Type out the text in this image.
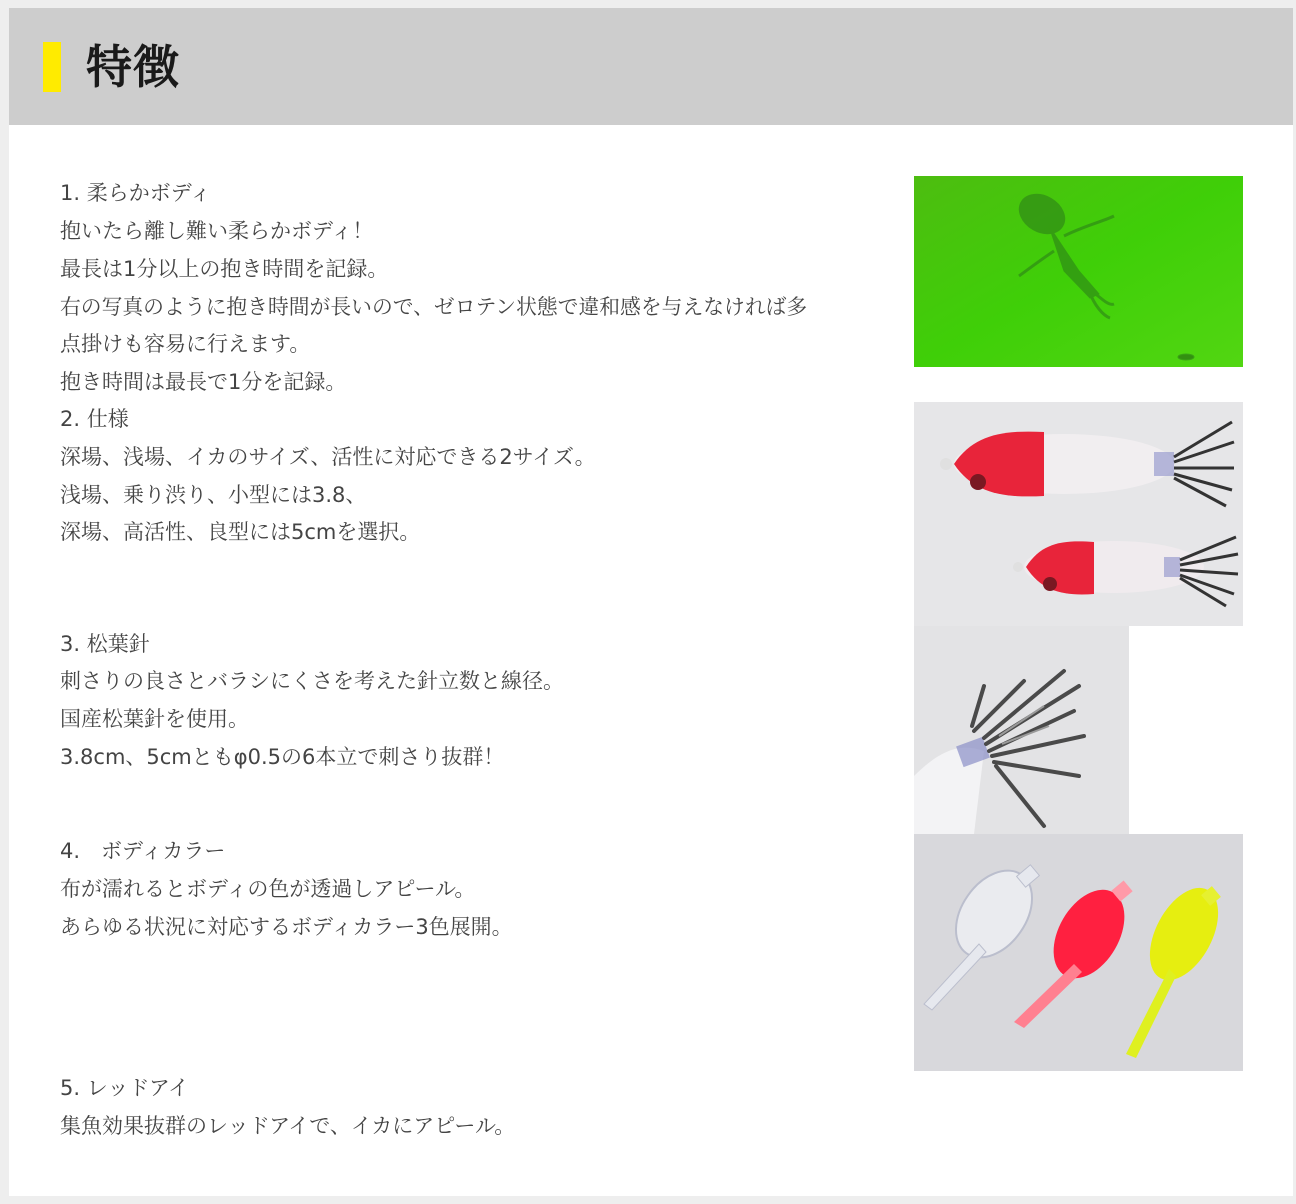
特徴
1. 柔らかボディ
抱いたら離し難い柔らかボディ！
最長は1分以上の抱き時間を記録。
右の写真のように抱き時間が長いので、ゼロテン状態で違和感を与えなければ多
点掛けも容易に行えます。
抱き時間は最長で1分を記録。
2. 仕様
深場、浅場、イカのサイズ、活性に対応できる2サイズ。
浅場、乗り渋り、小型には3.8、
深場、高活性、良型には5cmを選択。
3. 松葉針
刺さりの良さとバラシにくさを考えた針立数と線径。
国産松葉針を使用。
3.8cm、5cmともφ0.5の6本立で刺さり抜群！
4.　ボディカラー
布が濡れるとボディの色が透過しアピール。
あらゆる状況に対応するボディカラー3色展開。
5. レッドアイ
集魚効果抜群のレッドアイで、イカにアピール。
